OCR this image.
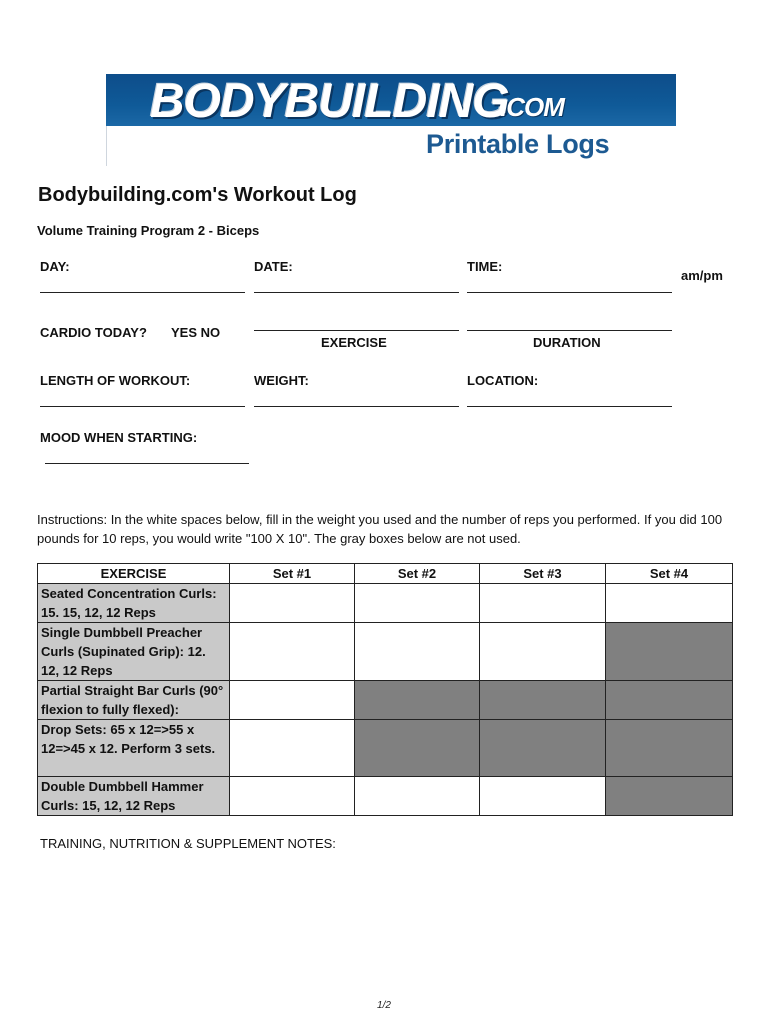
BODYBUILDING
.COM
Printable Logs
Bodybuilding.com's Workout Log
Volume Training Program 2 - Biceps
DAY:	DATE:	TIME:
am/pm
CARDIO TODAY? YES NO
EXERCISE	DURATION
LENGTH OF WORKOUT:	WEIGHT:	LOCATION:
MOOD WHEN STARTING:
Instructions: In the white spaces below, fill in the weight you used and the number of reps you performed. If you did 100 pounds for 10 reps, you would write "100 X 10". The gray boxes below are not used.
EXERCISE	Set #1	Set #2	Set #3	Set #4
Seated Concentration Curls: 15. 15, 12, 12 Reps				
Single Dumbbell Preacher Curls (Supinated Grip): 12. 12, 12 Reps				
Partial Straight Bar Curls (90° flexion to fully flexed):				
Drop Sets: 65 x 12=>55 x 12=>45 x 12. Perform 3 sets.				
Double Dumbbell Hammer Curls: 15, 12, 12 Reps				
TRAINING, NUTRITION & SUPPLEMENT NOTES:
1/2
